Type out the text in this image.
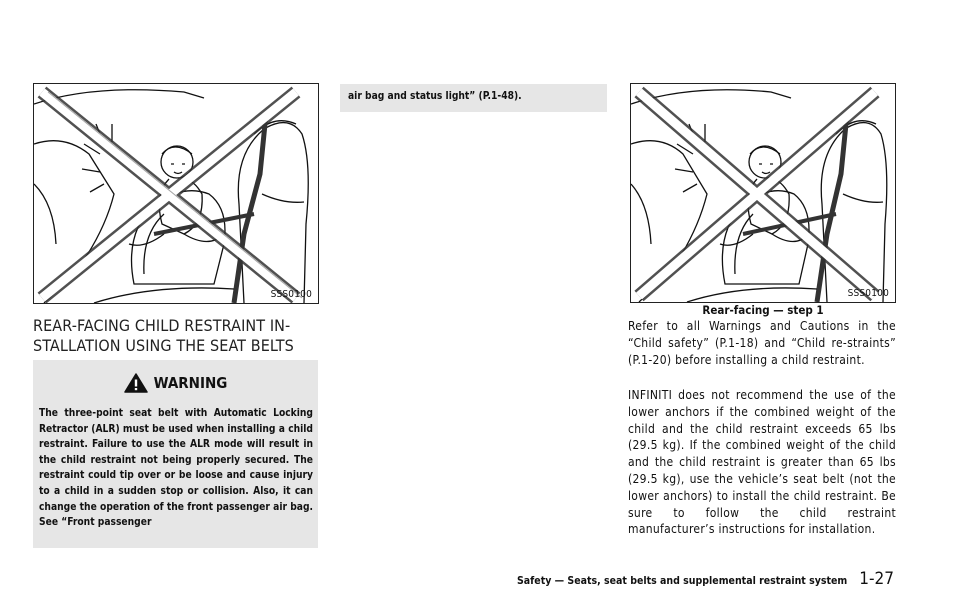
SSS0100
REAR-FACING CHILD RESTRAINT IN-
STALLATION USING THE SEAT BELTS
WARNING
The three-point seat belt with Automatic Locking Retractor (ALR) must be used when installing a child restraint. Failure to use the ALR mode will result in the child restraint not being properly secured. The restraint could tip over or be loose and cause injury to a child in a sudden stop or collision. Also, it can change the operation of the front passenger air bag. See “Front passenger
air bag and status light” (P.1-48).
SSS0100
Rear-facing — step 1
Refer to all Warnings and Cautions in the “Child safety” (P.1-18) and “Child re-straints” (P.1-20) before installing a child restraint.
INFINITI does not recommend the use of the lower anchors if the combined weight of the child and the child restraint exceeds 65 lbs (29.5 kg). If the combined weight of the child and the child restraint is greater than 65 lbs (29.5 kg), use the vehicle’s seat belt (not the lower anchors) to install the child restraint. Be sure to follow the child restraint manufacturer’s instructions for installation.
Safety — Seats, seat belts and supplemental restraint system 1-27
